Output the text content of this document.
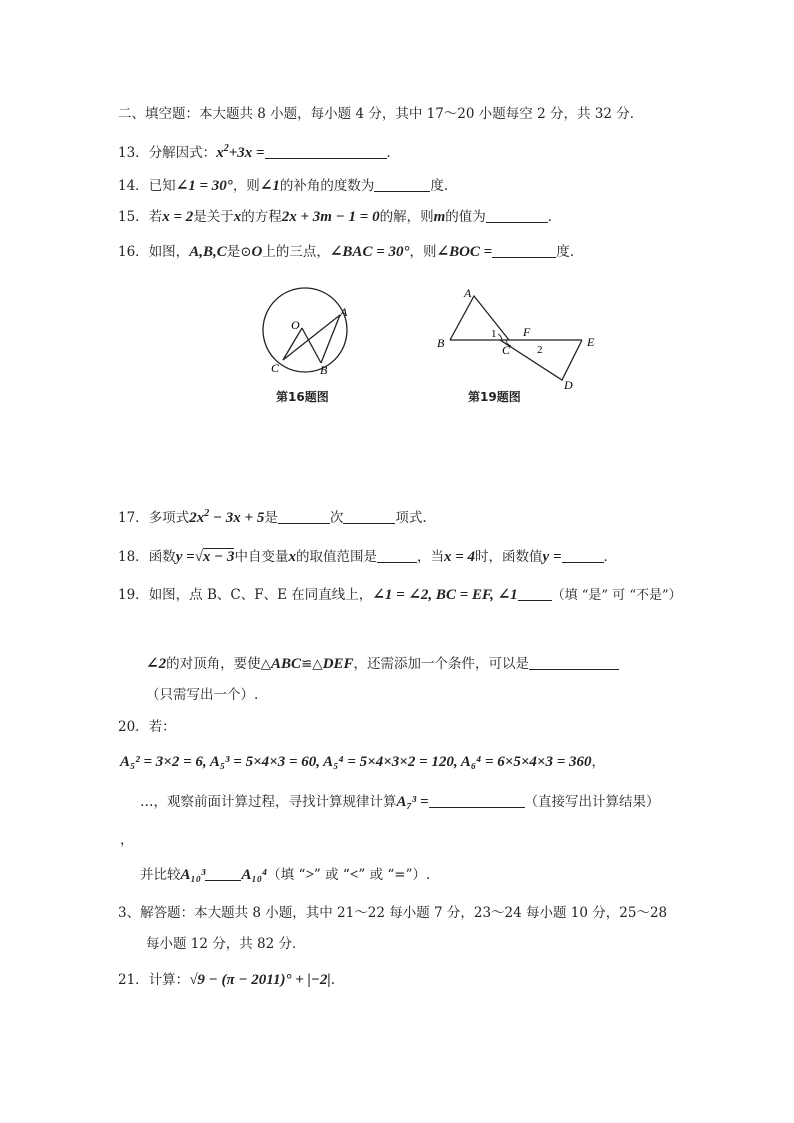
二、填空题：本大题共 8 小题，每小题 4 分，其中 17～20 小题每空 2 分，共 32 分．
13．分解因式：$x^2+3x$ =	．
14．已知∠1 = 30°，则∠1的补角的度数为	度.
15．若x = 2是关于x的方程2x + 3m − 1 = 0的解，则m的值为	．
16．如图，A,B,C是⊙O上的三点，∠BAC = 30°，则∠BOC =	度.
O
A
C	B
第16题图
A
B	C
1 F
2
E
D
第19题图
17．多项式$2x^2 - 3x + 5$是	次	项式.
18．函数y =√x − 3中自变量x的取值范围是	，当x = 4时，函数值y =	．
19．如图，点 B、C、F、E 在同直线上，∠1 = ∠2, BC = EF, ∠1	（填 “是” 可 “不是”）
∠2的对顶角，要使△ABC≌△DEF，还需添加一个条件，可以是
（只需写出一个）.
20．若：
A₅² = 3×2 = 6, A₅³ = 5×4×3 = 60, A₅⁴ = 5×4×3×2 = 120, A₆⁴ = 6×5×4×3 = 360，
…，观察前面计算过程，寻找计算规律计算A₇³ =	（直接写出计算结果）
，
并比较A₁₀³ A₁₀⁴（填 “>” 或 “<” 或 “=”）.
3、解答题：本大题共 8 小题，其中 21～22 每小题 7 分，23～24 每小题 10 分，25～28
每小题 12 分，共 82 分．
21．计算：√9 − (π − 2011)° + |−2|.
